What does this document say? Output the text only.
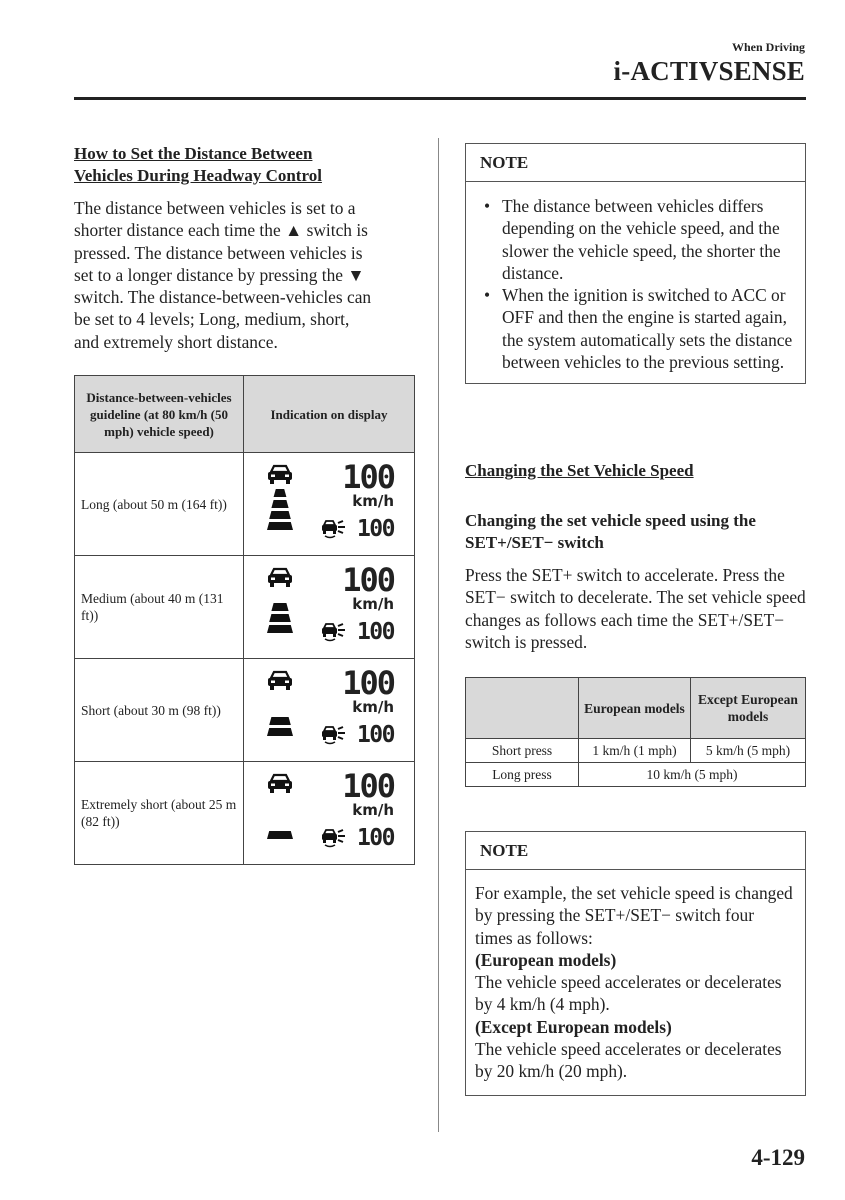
When Driving
i-ACTIVSENSE
How to Set the Distance Between
Vehicles During Headway Control
The distance between vehicles is set to a
shorter distance each time the ▲ switch is
pressed. The distance between vehicles is
set to a longer distance by pressing the ▼
switch. The distance-between-vehicles can
be set to 4 levels; Long, medium, short,
and extremely short distance.
Distance-between-vehicles guideline (at 80 km/h (50 mph) vehicle speed)	Indication on display
Long (about 50 m (164 ft))	100
km/h
100

Medium (about 40 m (131 ft))	100
km/h
100

Short (about 30 m (98 ft))	100
km/h
100

Extremely short (about 25 m (82 ft))	100
km/h
100
NOTE
• The distance between vehicles differs depending on the vehicle speed, and the slower the vehicle speed, the shorter the distance.
• When the ignition is switched to ACC or OFF and then the engine is started again, the system automatically sets the distance between vehicles to the previous setting.
Changing the Set Vehicle Speed
Changing the set vehicle speed using the SET+/SET− switch
Press the SET+ switch to accelerate. Press the SET− switch to decelerate. The set vehicle speed changes as follows each time the SET+/SET− switch is pressed.
	European models	Except European models
Short press	1 km/h (1 mph)	5 km/h (5 mph)
Long press	10 km/h (5 mph)	
NOTE
For example, the set vehicle speed is changed by pressing the SET+/SET− switch four times as follows:
(European models)
The vehicle speed accelerates or decelerates by 4 km/h (4 mph).
(Except European models)
The vehicle speed accelerates or decelerates by 20 km/h (20 mph).
4-129
